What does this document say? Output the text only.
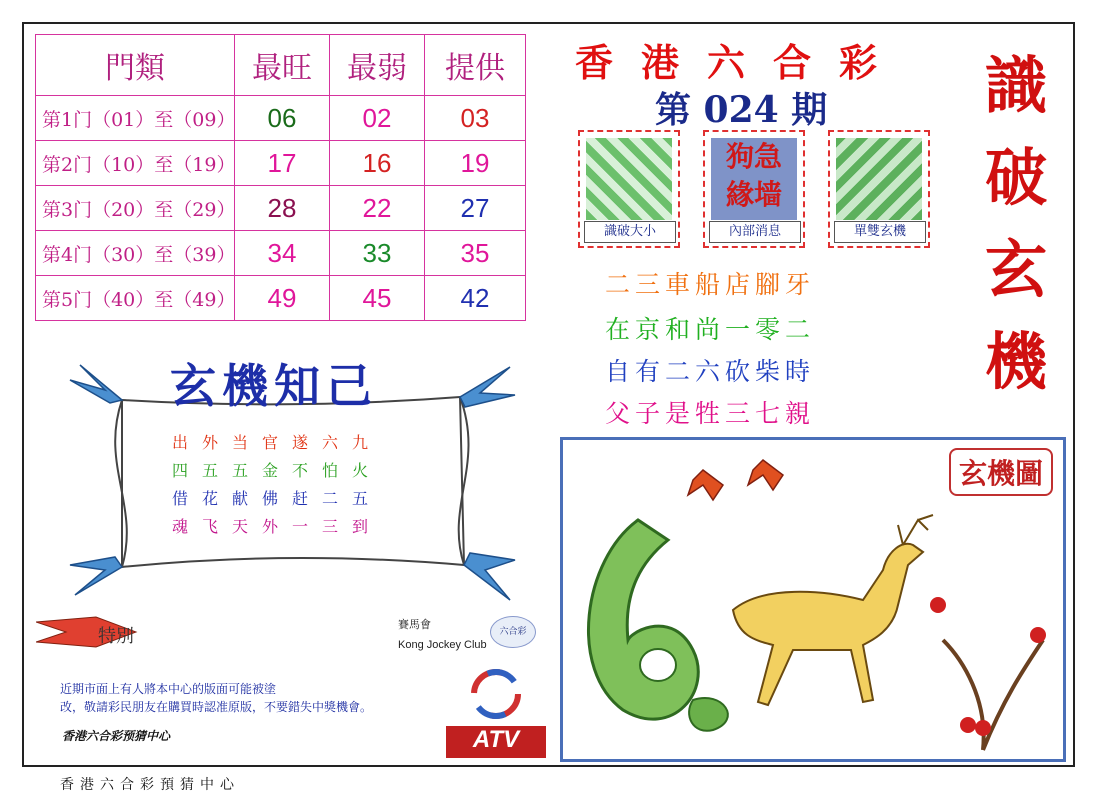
門類	最旺	最弱	提供
第1门（01）至（09）	06	02	03
第2门（10）至（19）	17	16	19
第3门（20）至（29）	28	22	27
第4门（30）至（39）	34	33	35
第5门（40）至（49）	49	45	42
玄機知己
出外当官遂六九
四五五金不怕火
借花献佛赶二五
魂飞天外一三到
香港六合彩
第 024 期	識
破
玄
機
識破大小
狗急
緣墙
內部消息	單雙玄機
二三車船店腳牙
在京和尚一零二
自有二六砍柴時
父子是牲三七親
玄機圖
特別
賽馬會
Kong Jockey Club
六合彩
近期市面上有人將本中心的版面可能被塗
改，敬請彩民朋友在購買時認准原版，不要錯失中獎機會。
香港六合彩预猜中心	ATV
香港六合彩預猜中心
